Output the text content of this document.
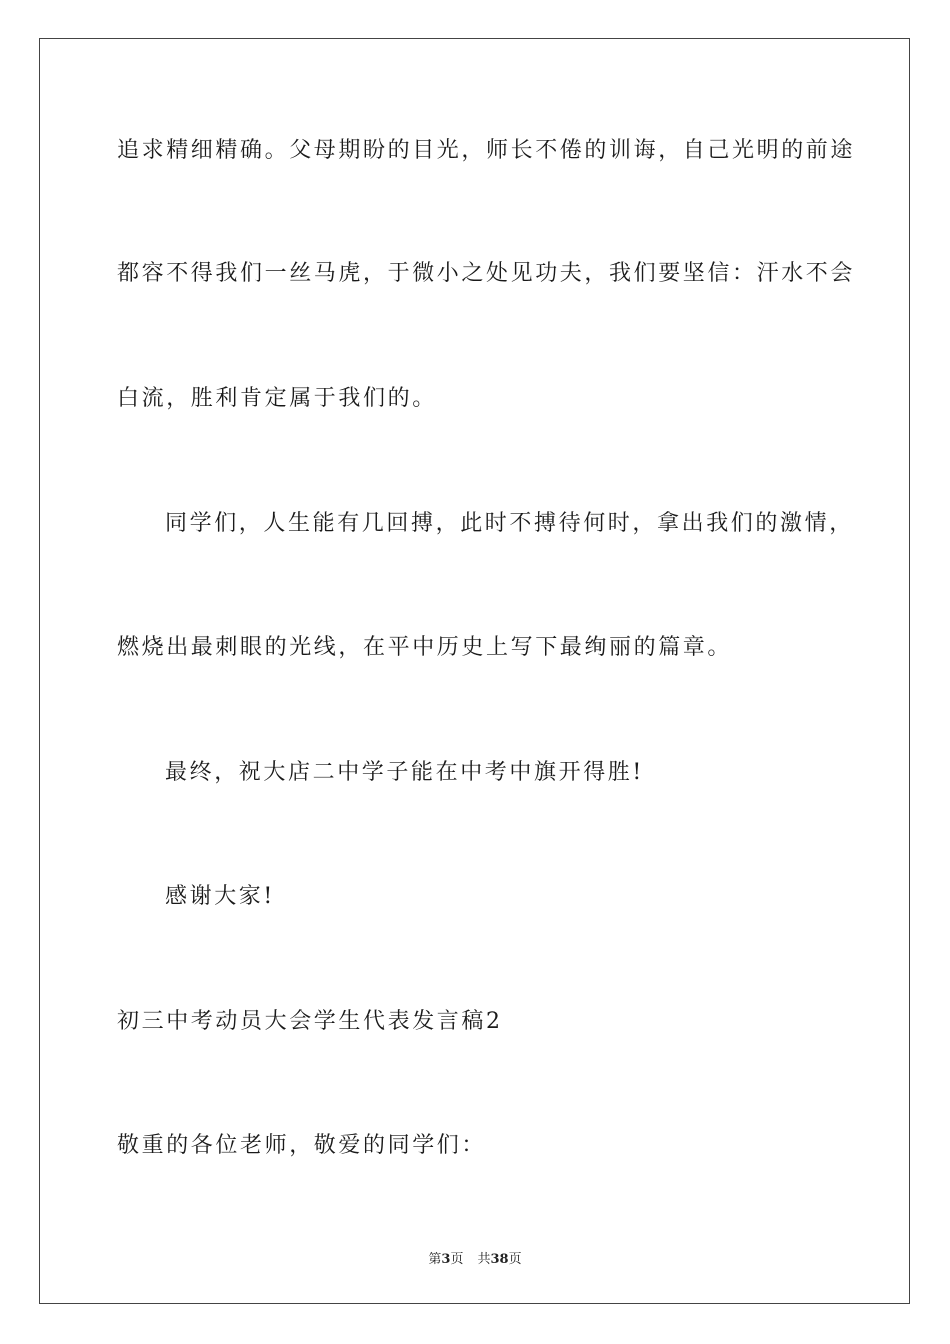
追求精细精确。父母期盼的目光，师长不倦的训诲，自己光明的前途
都容不得我们一丝马虎，于微小之处见功夫，我们要坚信：汗水不会
白流，胜利肯定属于我们的。
同学们，人生能有几回搏，此时不搏待何时，拿出我们的激情，
燃烧出最刺眼的光线，在平中历史上写下最绚丽的篇章。
最终，祝大店二中学子能在中考中旗开得胜!
感谢大家!
初三中考动员大会学生代表发言稿2
敬重的各位老师，敬爱的同学们：
第3页 共38页
